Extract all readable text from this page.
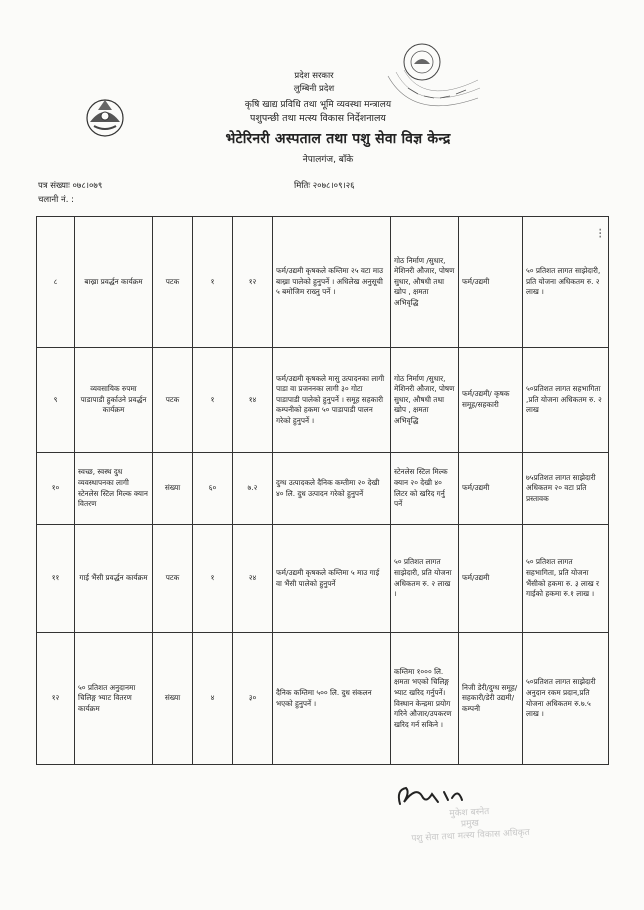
प्रदेश सरकार
लुम्बिनी प्रदेश
कृषि खाद्य प्रविधि तथा भूमि व्यवस्था मन्त्रालय
पशुपन्छी तथा मत्स्य विकास निर्देशनालय
भेटेरिनरी अस्पताल तथा पशु सेवा विज्ञ केन्द्र
नेपालगंज, बाँके
पत्र संख्याः ०७८।०७९
चलानी नं. :
मितिः २०७८।०९।२६
८	बाख्रा प्रवर्द्धन कार्यक्रम	पटक	१	१२	फर्म/उद्यमी कृषकले कम्तिमा २५ वटा माउ बाख्रा पालेको हुनुपर्ने । अधिलेख अनुसूची ५ बमोजिम राख्नु पर्ने ।	गोठ निर्माण /सुधार, मेशिनरी औजार, पोषण सुधार, औषधी तथा खोप , क्षमता अभिवृद्धि	फर्म/उद्यमी	५० प्रतिशत लागत साझेदारी, प्रति योजना अधिकतम रु. २ लाख ।
९	व्यवसायिक रुपमा पाडापाडी हुर्काउने प्रवर्द्धन कार्यक्रम	पटक	१	१४	फर्म/उद्यमी कृषकले मासु उत्पादनका लागी पाडा वा प्रजननका लागी ३० गोटा पाडापाडी पालेको हुनुपर्ने । समूह सहकारी कम्पनीको हकमा ५० पाडापाडी पालन गरेको हुनुपर्ने ।	गोठ निर्माण /सुधार, मेशिनरी औजार, पोषण सुधार, औषधी तथा खोप , क्षमता अभिवृद्धि	फर्म/उद्यमी/ कृषक समूह/सहकारी	५०प्रतिशत लागत सहभागिता ,प्रति योजना अधिकतम रु. २ लाख
१०	स्वच्छ, स्वस्थ दुध व्यवस्थापनका लागी स्टेनलेस स्टिल मिल्क क्यान वितरण	संख्या	६०	७.२	दुग्ध उत्पादकले दैनिक कम्तीमा २० देखी ४० लि. दुध उत्पादन गरेको हुनुपर्ने	स्टेनलेस स्टिल मिल्क क्यान २० देखी ४० लिटर को खरिद गर्नु पर्ने	फर्म/उद्यमी	७५प्रतिशत लागत साझेदारी अधिकतम २० वटा प्रति प्रस्तावक
११	गाई भैंसी प्रवर्द्धन कार्यक्रम	पटक	१	२४	फर्म/उद्यमी कृषकले कम्तिमा ५ माउ गाई वा भैंसी पालेको हुनुपर्ने	५० प्रतिशत लागत साझेदारी, प्रति योजना अधिकतम रु. २ लाख ।	फर्म/उद्यमी	५० प्रतिशत लागत सहभागिता, प्रति योजना भैंसीको हकमा रु. ३ लाख र गाईको हकमा रु.१ लाख ।
१२	५० प्रतिशत अनुदानमा चिलिङ्ग भ्याट वितरण कार्यक्रम	संख्या	४	३०	दैनिक कम्तिमा ५०० लि. दुध संकलन भएको हुनुपर्ने ।	कम्तिमा १००० लि. क्षमता भएको चिलिङ्ग भ्याट खरिद गर्नुपर्ने। विस्थान केन्द्रमा प्रयोग गरिने औजार/उपकरण खरिद गर्न सकिने ।	निजी डेरी/दुग्ध समूह/सहकारी/डेरी उद्यमी/कम्पनी	५०प्रतिशत लागत साझेदारी अनुदान रकम प्रदान,प्रति योजना अधिकतम रु.७.५ लाख ।
मुकेश बस्नेत
प्रमुख
पशु सेवा तथा मत्स्य विकास अधिकृत
⁝
